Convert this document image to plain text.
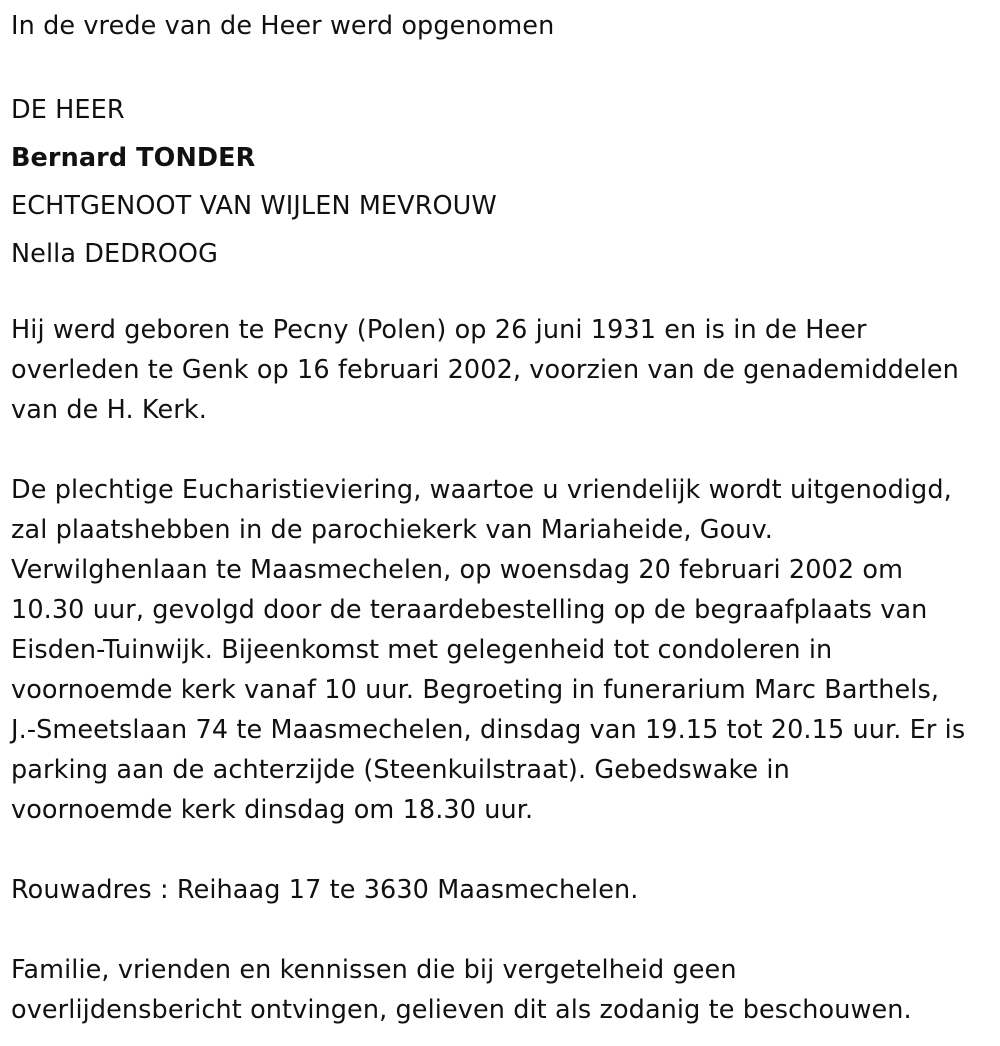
In de vrede van de Heer werd opgenomen
DE HEER
Bernard TONDER
ECHTGENOOT VAN WIJLEN MEVROUW
Nella DEDROOG
Hij werd geboren te Pecny (Polen) op 26 juni 1931 en is in de Heer
overleden te Genk op 16 februari 2002, voorzien van de genademiddelen
van de H. Kerk.
De plechtige Eucharistieviering, waartoe u vriendelijk wordt uitgenodigd,
zal plaatshebben in de parochiekerk van Mariaheide, Gouv.
Verwilghenlaan te Maasmechelen, op woensdag 20 februari 2002 om
10.30 uur, gevolgd door de teraardebestelling op de begraafplaats van
Eisden-Tuinwijk. Bijeenkomst met gelegenheid tot condoleren in
voornoemde kerk vanaf 10 uur. Begroeting in funerarium Marc Barthels,
J.-Smeetslaan 74 te Maasmechelen, dinsdag van 19.15 tot 20.15 uur. Er is
parking aan de achterzijde (Steenkuilstraat). Gebedswake in
voornoemde kerk dinsdag om 18.30 uur.
Rouwadres : Reihaag 17 te 3630 Maasmechelen.
Familie, vrienden en kennissen die bij vergetelheid geen
overlijdensbericht ontvingen, gelieven dit als zodanig te beschouwen.
